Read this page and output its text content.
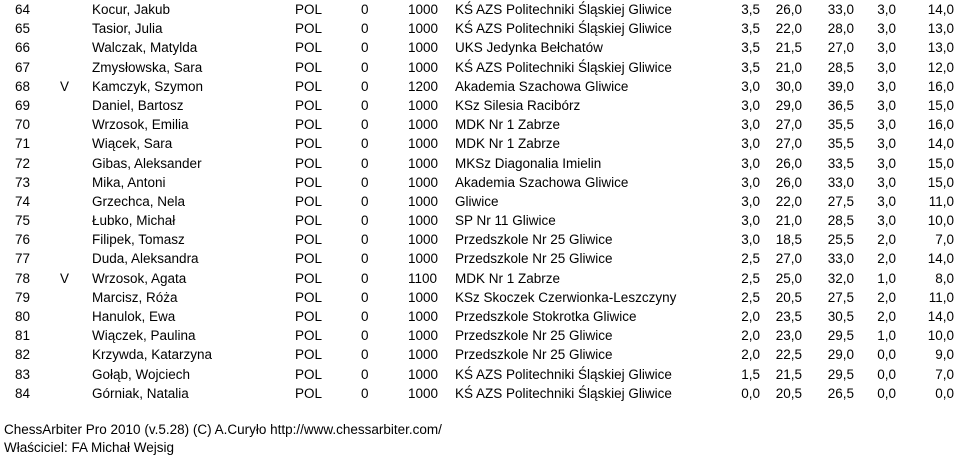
64	Kocur, Jakub	POL	0	1000 KŚ AZS Politechniki Śląskiej Gliwice	3,5	26,0	33,0	3,0	14,0
65	Tasior, Julia	POL	0	1000 KŚ AZS Politechniki Śląskiej Gliwice	3,5	22,0	28,0	3,0	13,0
66	Walczak, Matylda	POL	0	1000 UKS Jedynka Bełchatów	3,5	21,5	27,0	3,0	13,0
67	Zmysłowska, Sara	POL	0	1000 KŚ AZS Politechniki Śląskiej Gliwice	3,5	21,0	28,5	3,0	12,0
68 V Kamczyk, Szymon	POL	0	1200 Akademia Szachowa Gliwice	3,0	30,0	39,0	3,0	16,0
69	Daniel, Bartosz	POL	0	1000 KSz Silesia Racibórz	3,0	29,0	36,5	3,0	15,0
70	Wrzosok, Emilia	POL	0	1000 MDK Nr 1 Zabrze	3,0	27,0	35,5	3,0	16,0
71	Wiącek, Sara	POL	0	1000 MDK Nr 1 Zabrze	3,0	27,0	35,5	3,0	14,0
72	Gibas, Aleksander	POL	0	1000 MKSz Diagonalia Imielin	3,0	26,0	33,5	3,0	15,0
73	Mika, Antoni	POL	0	1000 Akademia Szachowa Gliwice	3,0	26,0	33,0	3,0	15,0
74	Grzechca, Nela	POL	0	1000 Gliwice	3,0	22,0	27,5	3,0	11,0
75	Łubko, Michał	POL	0	1000 SP Nr 11 Gliwice	3,0	21,0	28,5	3,0	10,0
76	Filipek, Tomasz	POL	0	1000 Przedszkole Nr 25 Gliwice	3,0	18,5	25,5	2,0	7,0
77	Duda, Aleksandra	POL	0	1000 Przedszkole Nr 25 Gliwice	2,5	27,0	33,0	2,0	14,0
78 V Wrzosok, Agata	POL	0	1100 MDK Nr 1 Zabrze	2,5	25,0	32,0	1,0	8,0
79	Marcisz, Róża	POL	0	1000 KSz Skoczek Czerwionka-Leszczyny	2,5	20,5	27,5	2,0	11,0
80	Hanulok, Ewa	POL	0	1000 Przedszkole Stokrotka Gliwice	2,0	23,5	30,5	2,0	14,0
81	Wiączek, Paulina	POL	0	1000 Przedszkole Nr 25 Gliwice	2,0	23,0	29,5	1,0	10,0
82	Krzywda, Katarzyna	POL	0	1000 Przedszkole Nr 25 Gliwice	2,0	22,5	29,0	0,0	9,0
83	Gołąb, Wojciech	POL	0	1000 KŚ AZS Politechniki Śląskiej Gliwice	1,5	21,5	29,5	0,0	7,0
84	Górniak, Natalia	POL	0	1000 KŚ AZS Politechniki Śląskiej Gliwice	0,0	20,5	26,5	0,0	0,0
ChessArbiter Pro 2010 (v.5.28) (C) A.Curyło http://www.chessarbiter.com/
Właściciel: FA Michał Wejsig
